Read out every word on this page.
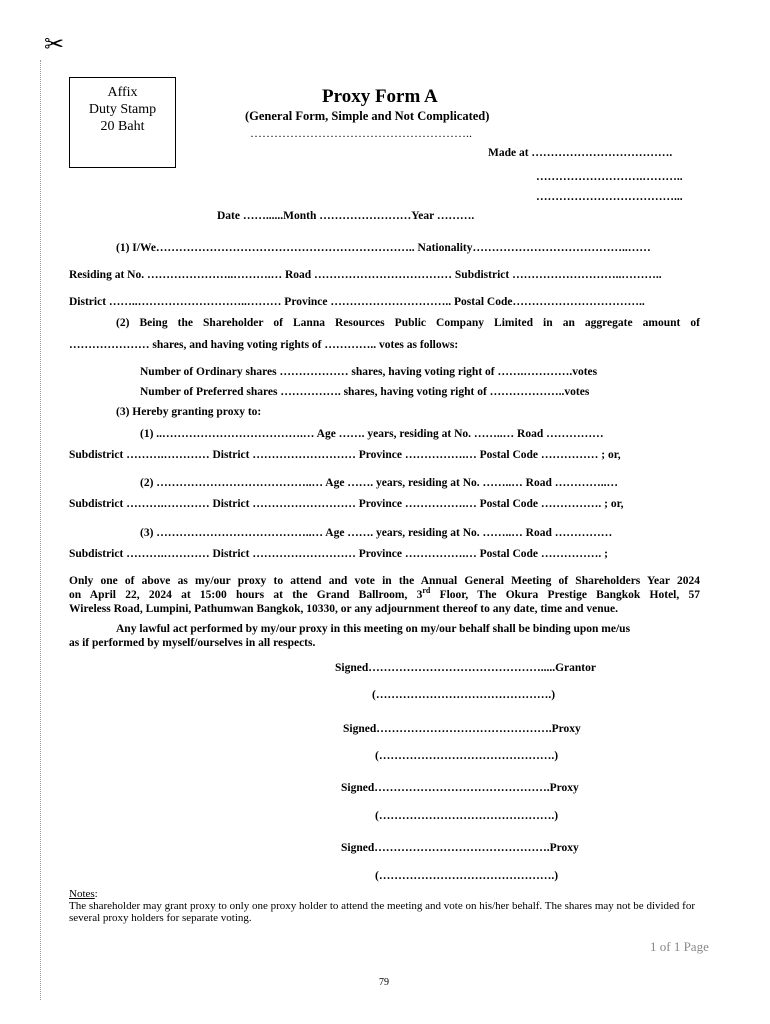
✂
Affix
Duty Stamp
20 Baht
Proxy Form A
(General Form, Simple and Not Complicated)
………………………………………………..
Made at ……………………………….
……………………….………..
………………………………...
Date ……......Month ……………………Year ……….
(1) I/We………………………………………………………….. Nationality…………………………………..……
Residing at No. …………………..……….… Road ……………………………… Subdistrict ………………………..………..
District ……..………………………..……… Province ………………………….. Postal Code……………………………..
(2) Being the Shareholder of Lanna Resources Public Company Limited in an aggregate amount of
………………… shares, and having voting rights of ………….. votes as follows:
Number of Ordinary shares ……………… shares, having voting right of …….………….votes
Number of Preferred shares ……………. shares, having voting right of ………………..votes
(3) Hereby granting proxy to:
(1) ..……………………………….… Age ……. years, residing at No. ……..… Road ……………
Subdistrict ……….………… District ……………………… Province …………….… Postal Code …………… ; or,
(2) …………………………………..… Age ……. years, residing at No. ……..… Road …………..…
Subdistrict ……….………… District ……………………… Province …………….… Postal Code ……………. ; or,
(3) …………………………………..… Age ……. years, residing at No. ……..… Road ……………
Subdistrict ……….………… District ……………………… Province …………….… Postal Code ……………. ;
Only one of above as my/our proxy to attend and vote in the Annual General Meeting of Shareholders Year 2024
on April 22, 2024 at 15:00 hours at the Grand Ballroom, 3rd Floor, The Okura Prestige Bangkok Hotel, 57
Wireless Road, Lumpini, Pathumwan Bangkok, 10330, or any adjournment thereof to any date, time and venue.
Any lawful act performed by my/our proxy in this meeting on my/our behalf shall be binding upon me/us
as if performed by myself/ourselves in all respects.
Signed……………………………………….....Grantor
(……………………………………….)
Signed……………………………………….Proxy
(……………………………………….)
Signed……………………………………….Proxy
(……………………………………….)
Signed……………………………………….Proxy
(……………………………………….)
Notes:
The shareholder may grant proxy to only one proxy holder to attend the meeting and vote on his/her behalf. The shares may not be divided for several proxy holders for separate voting.
1 of 1 Page
79
